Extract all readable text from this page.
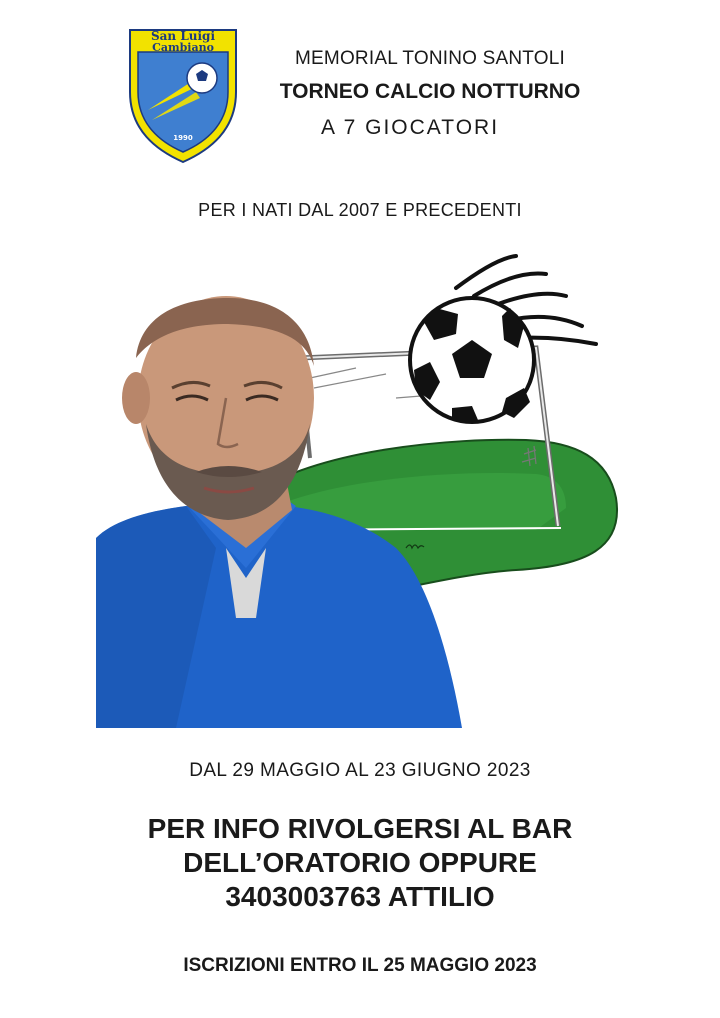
San Luigi
Cambiano
1990
MEMORIAL TONINO SANTOLI
TORNEO CALCIO NOTTURNO
A 7 GIOCATORI
PER I NATI DAL 2007 E PRECEDENTI
DAL 29 MAGGIO AL 23 GIUGNO 2023
PER INFO RIVOLGERSI AL BAR
DELL’ORATORIO OPPURE
3403003763 ATTILIO
ISCRIZIONI ENTRO IL 25 MAGGIO 2023
